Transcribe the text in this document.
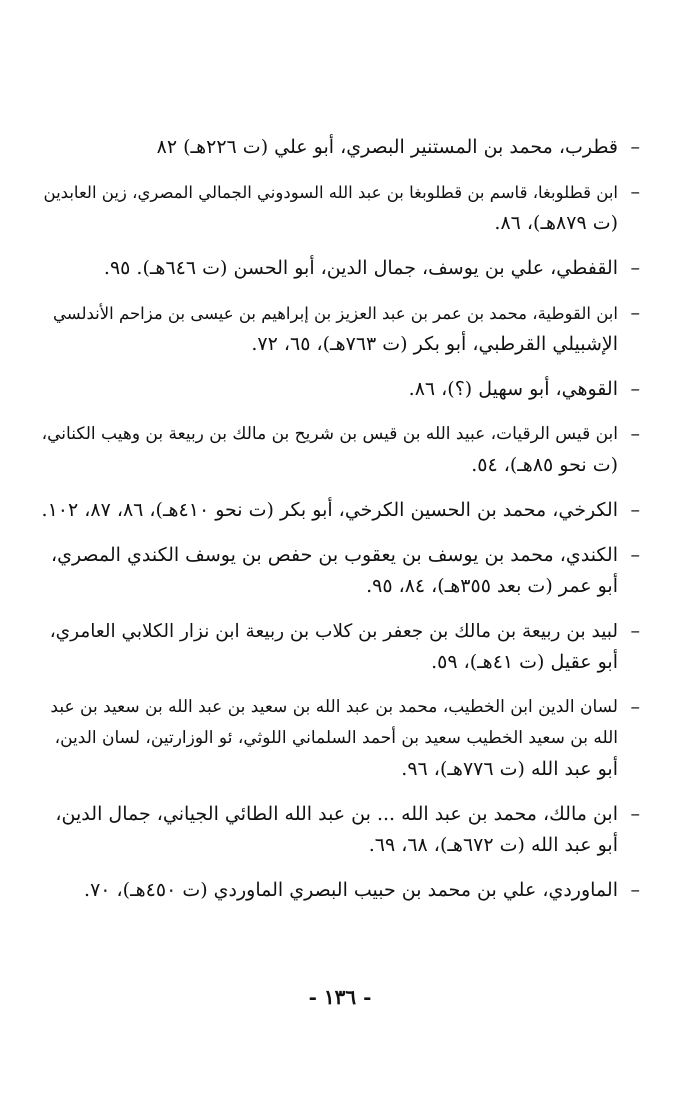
–
قطرب، محمد بن المستنير البصري، أبو علي (ت ٢٢٦هـ) ٨٢
–
ابن قطلوبغا، قاسم بن قطلوبغا بن عبد الله السودوني الجمالي المصري، زين العابدين
(ت ٨٧٩هـ)، ٨٦.
–
القفطي، علي بن يوسف، جمال الدين، أبو الحسن (ت ٦٤٦هـ). ٩٥.
–
ابن القوطية، محمد بن عمر بن عبد العزيز بن إبراهيم بن عيسى بن مزاحم الأندلسي
الإشبيلي القرطبي، أبو بكر (ت ٧٦٣هـ)، ٦٥، ٧٢.
–
القوهي، أبو سهيل (؟)، ٨٦.
–
ابن قيس الرقيات، عبيد الله بن قيس بن شريح بن مالك بن ربيعة بن وهيب الكناني،
(ت نحو ٨٥هـ)، ٥٤.
–
الكرخي، محمد بن الحسين الكرخي، أبو بكر (ت نحو ٤١٠هـ)، ٨٦، ٨٧، ١٠٢.
–
الكندي، محمد بن يوسف بن يعقوب بن حفص بن يوسف الكندي المصري،
أبو عمر (ت بعد ٣٥٥هـ)، ٨٤، ٩٥.
–
لبيد بن ربيعة بن مالك بن جعفر بن كلاب بن ربيعة ابن نزار الكلابي العامري،
أبو عقيل (ت ٤١هـ)، ٥٩.
–
لسان الدين ابن الخطيب، محمد بن عبد الله بن سعيد بن عبد الله بن سعيد بن عبد
الله بن سعيد الخطيب سعيد بن أحمد السلماني اللوثي، ئو الوزارتين، لسان الدين،
أبو عبد الله (ت ٧٧٦هـ)، ٩٦.
–
ابن مالك، محمد بن عبد الله ... بن عبد الله الطائي الجياني، جمال الدين،
أبو عبد الله (ت ٦٧٢هـ)، ٦٨، ٦٩.
–
الماوردي، علي بن محمد بن حبيب البصري الماوردي (ت ٤٥٠هـ)، ٧٠.
- ١٣٦ -
